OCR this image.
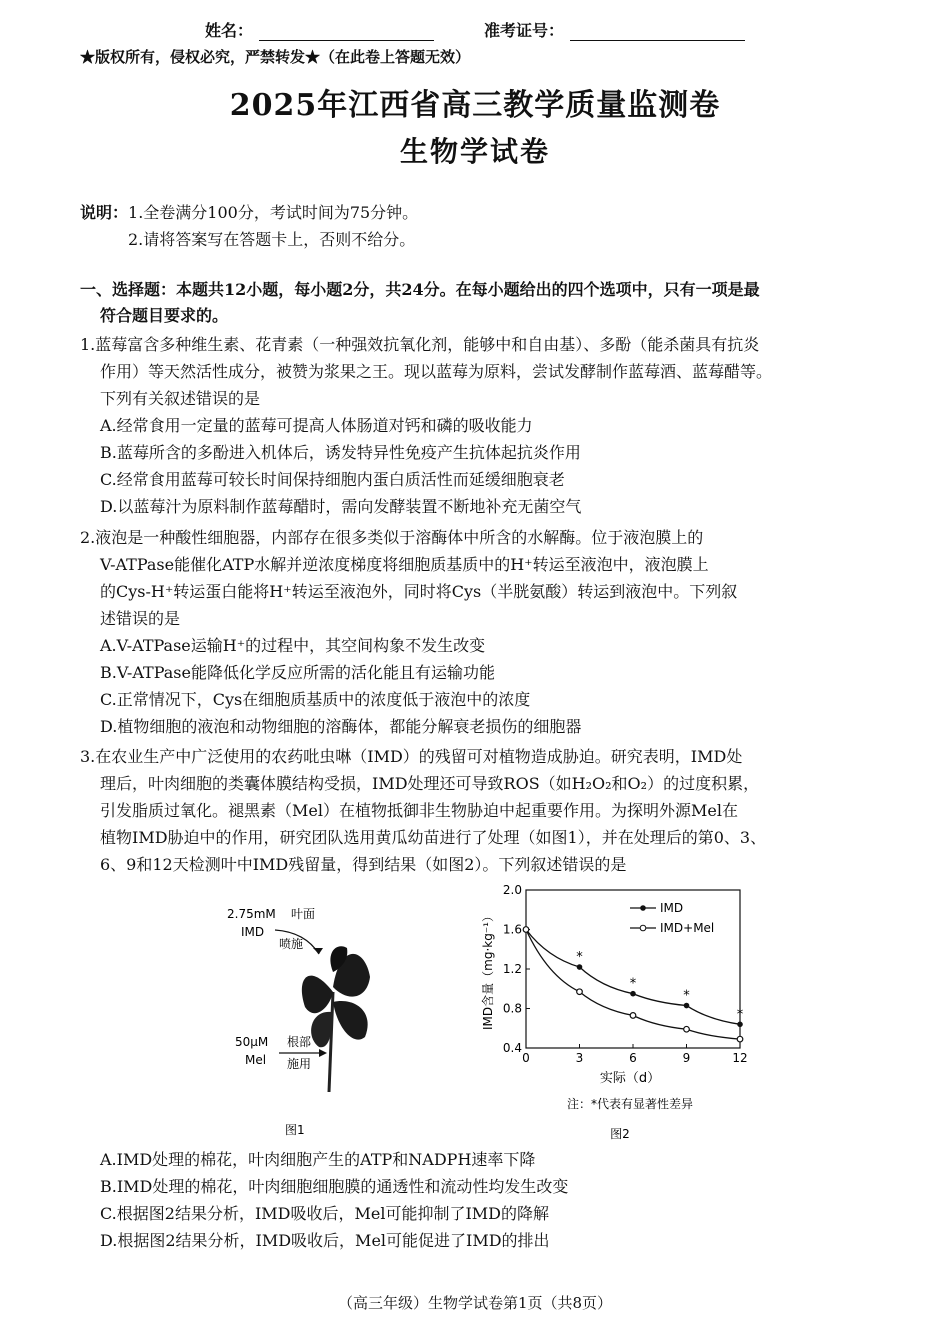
姓名：	准考证号：
★版权所有，侵权必究，严禁转发★（在此卷上答题无效）
2025年江西省高三教学质量监测卷
生物学试卷
说明：1.全卷满分100分，考试时间为75分钟。
2.请将答案写在答题卡上，否则不给分。
一、选择题：本题共12小题，每小题2分，共24分。在每小题给出的四个选项中，只有一项是最
符合题目要求的。
1.蓝莓富含多种维生素、花青素（一种强效抗氧化剂，能够中和自由基）、多酚（能杀菌具有抗炎
作用）等天然活性成分，被赞为浆果之王。现以蓝莓为原料，尝试发酵制作蓝莓酒、蓝莓醋等。
下列有关叙述错误的是
A.经常食用一定量的蓝莓可提高人体肠道对钙和磷的吸收能力
B.蓝莓所含的多酚进入机体后，诱发特异性免疫产生抗体起抗炎作用
C.经常食用蓝莓可较长时间保持细胞内蛋白质活性而延缓细胞衰老
D.以蓝莓汁为原料制作蓝莓醋时，需向发酵装置不断地补充无菌空气
2.液泡是一种酸性细胞器，内部存在很多类似于溶酶体中所含的水解酶。位于液泡膜上的
V-ATPase能催化ATP水解并逆浓度梯度将细胞质基质中的H⁺转运至液泡中，液泡膜上
的Cys-H⁺转运蛋白能将H⁺转运至液泡外，同时将Cys（半胱氨酸）转运到液泡中。下列叙
述错误的是
A.V-ATPase运输H⁺的过程中，其空间构象不发生改变
B.V-ATPase能降低化学反应所需的活化能且有运输功能
C.正常情况下，Cys在细胞质基质中的浓度低于液泡中的浓度
D.植物细胞的液泡和动物细胞的溶酶体，都能分解衰老损伤的细胞器
3.在农业生产中广泛使用的农药吡虫啉（IMD）的残留可对植物造成胁迫。研究表明，IMD处
理后，叶肉细胞的类囊体膜结构受损，IMD处理还可导致ROS（如H₂O₂和O₂）的过度积累，
引发脂质过氧化。褪黑素（Mel）在植物抵御非生物胁迫中起重要作用。为探明外源Mel在
植物IMD胁迫中的作用，研究团队选用黄瓜幼苗进行了处理（如图1），并在处理后的第0、3、
6、9和12天检测叶中IMD残留量，得到结果（如图2）。下列叙述错误的是
2.75mM 叶面
IMD
喷施
50μM
Mel
根部
施用
图1
0.4
0.8
1.2
1.6
2.0
0	3	6	9	12
*
*
*
*
IMD
IMD+Mel
IMD含量（mg·kg⁻¹）
实际（d）
注：*代表有显著性差异
图2
A.IMD处理的棉花，叶肉细胞产生的ATP和NADPH速率下降
B.IMD处理的棉花，叶肉细胞细胞膜的通透性和流动性均发生改变
C.根据图2结果分析，IMD吸收后，Mel可能抑制了IMD的降解
D.根据图2结果分析，IMD吸收后，Mel可能促进了IMD的排出
（高三年级）生物学试卷第1页（共8页）
